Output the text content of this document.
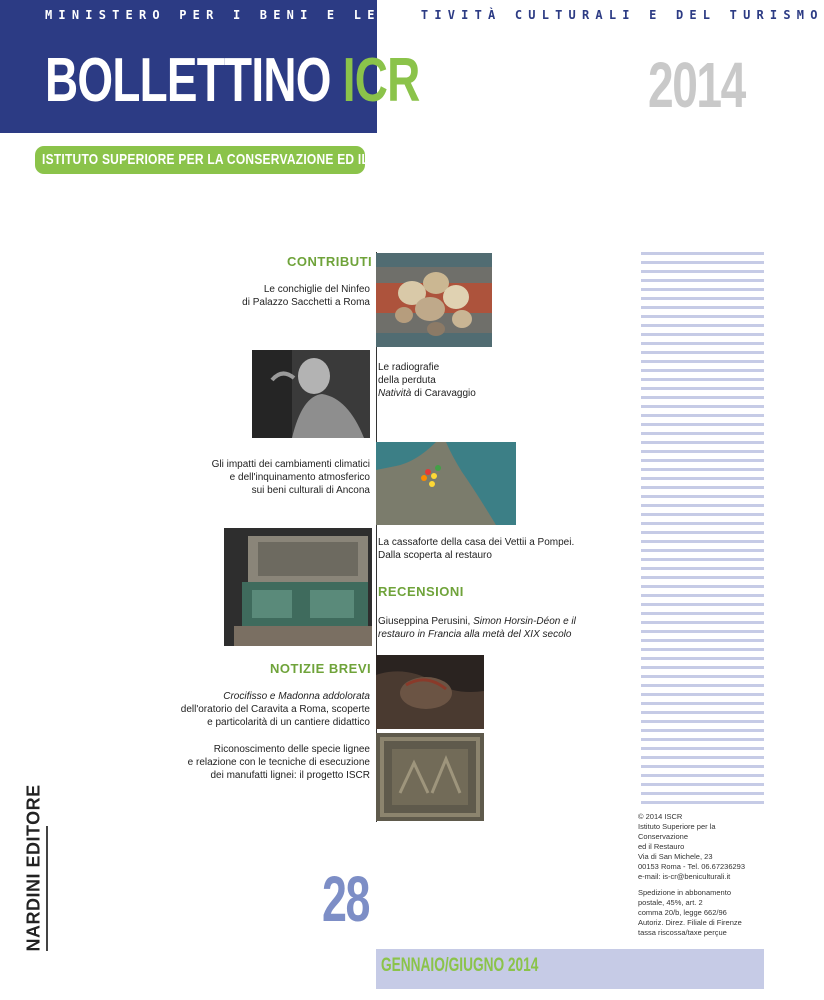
MINISTERO PER I BENI E LE ATTIVITÀ CULTURALI E DEL TURISMO
BOLLETTINO ICR	2014
ISTITUTO SUPERIORE PER LA CONSERVAZIONE ED IL RESTAURO
CONTRIBUTI
Le conchiglie del Ninfeo
di Palazzo Sacchetti a Roma
Le radiografie
della perduta
Natività di Caravaggio
Gli impatti dei cambiamenti climatici
e dell'inquinamento atmosferico
sui beni culturali di Ancona
La cassaforte della casa dei Vettii a Pompei.
Dalla scoperta al restauro
RECENSIONI
Giuseppina Perusini, Simon Horsin-Déon e il
restauro in Francia alla metà del XIX secolo
NOTIZIE BREVI
Crocifisso e Madonna addolorata
dell'oratorio del Caravita a Roma, scoperte
e particolarità di un cantiere didattico
Riconoscimento delle specie lignee
e relazione con le tecniche di esecuzione
dei manufatti lignei: il progetto ISCR
© 2014 ISCR
Istituto Superiore per la Conservazione
ed il Restauro
Via di San Michele, 23
00153 Roma - Tel. 06.67236293
e-mail: is-cr@beniculturali.it
Spedizione in abbonamento
postale, 45%, art. 2
comma 20/b, legge 662/96
Autoriz. Direz. Filiale di Firenze
tassa riscossa/taxe perçue
NARDINI EDITORE	28
GENNAIO/GIUGNO 2014
